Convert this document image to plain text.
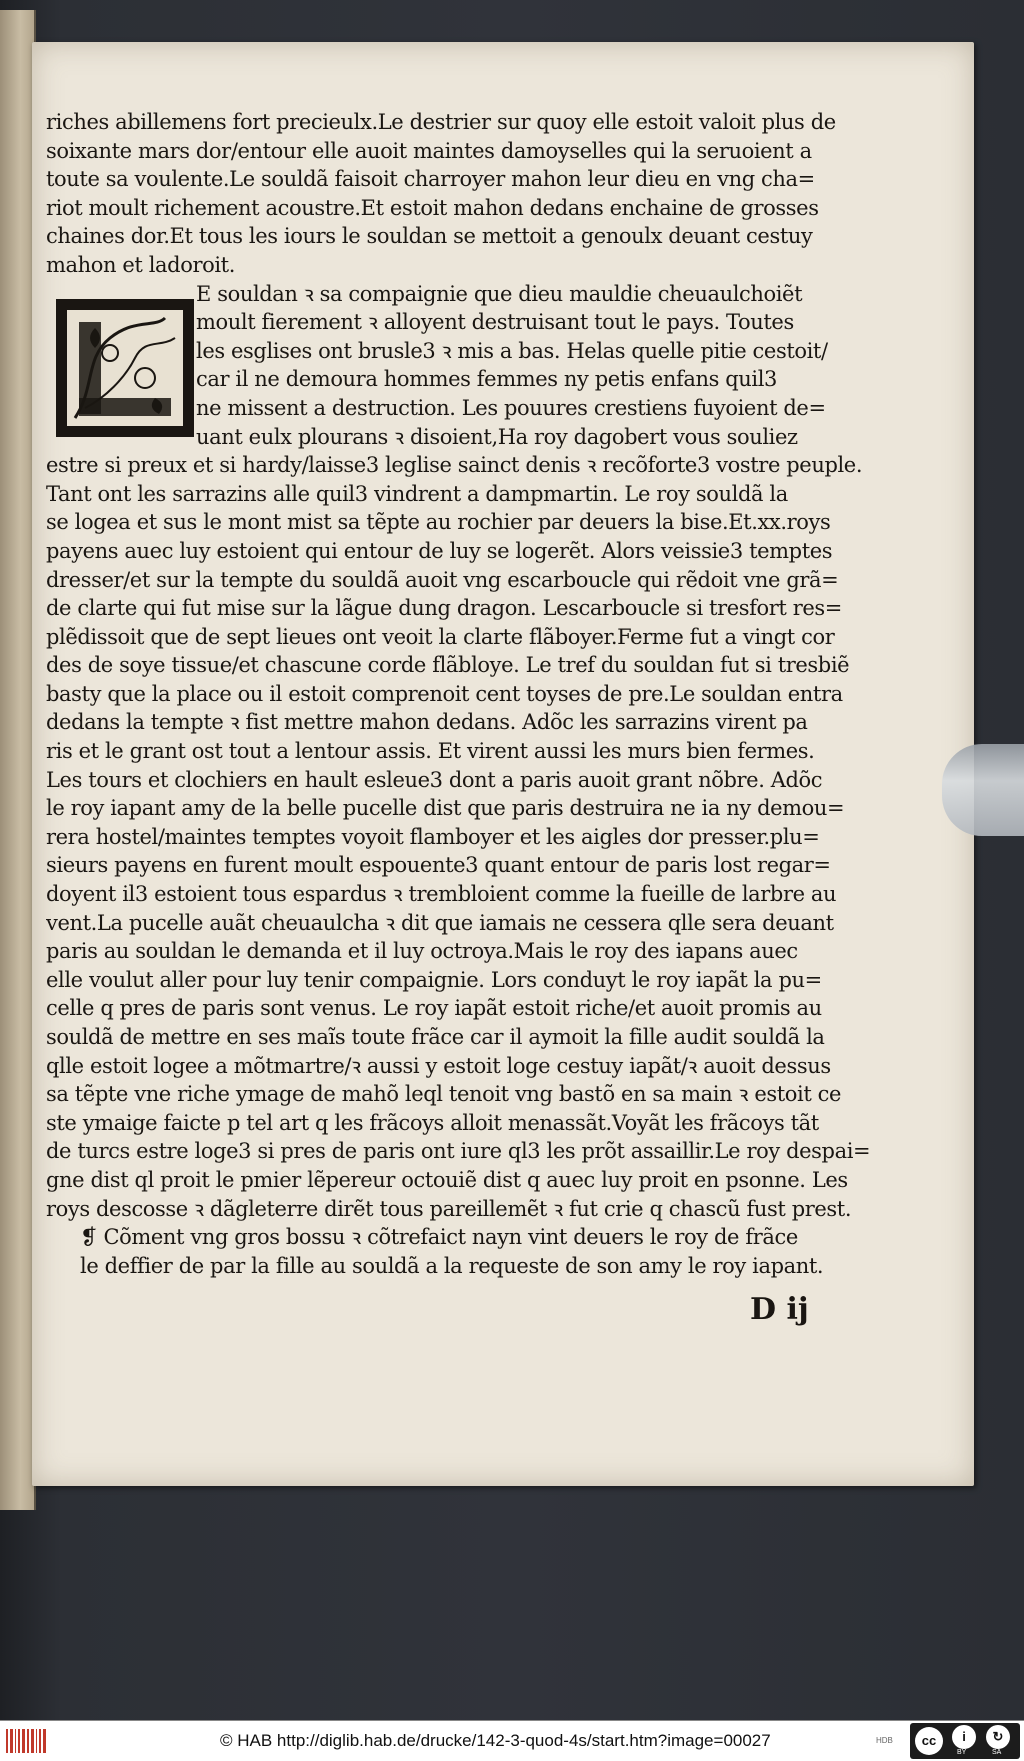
riches abillemens fort precieulx.Le destrier sur quoy elle estoit valoit plus de
soixante mars dor/entour elle auoit maintes damoyselles qui la seruoient a
toute sa voulente.Le souldã faisoit charroyer mahon leur dieu en vng cha=
riot moult richement acoustre.Et estoit mahon dedans enchaine de grosses
chaines dor.Et tous les iours le souldan se mettoit a genoulx deuant cestuy
mahon et ladoroit.
E souldan ꝛ sa compaignie que dieu mauldie cheuaulchoiẽt
moult fierement ꝛ alloyent destruisant tout le pays. Toutes
les esglises ont brusle3 ꝛ mis a bas. Helas quelle pitie cestoit/
car il ne demoura hommes femmes ny petis enfans quil3
ne missent a destruction. Les pouures crestiens fuyoient de=
uant eulx plourans ꝛ disoient,Ha roy dagobert vous souliez
estre si preux et si hardy/laisse3 leglise sainct denis ꝛ recõforte3 vostre peuple.
Tant ont les sarrazins alle quil3 vindrent a dampmartin. Le roy souldã la
se logea et sus le mont mist sa tẽpte au rochier par deuers la bise.Et.xx.roys
payens auec luy estoient qui entour de luy se logerẽt. Alors veissie3 temptes
dresser/et sur la tempte du souldã auoit vng escarboucle qui rẽdoit vne grã=
de clarte qui fut mise sur la lãgue dung dragon. Lescarboucle si tresfort res=
plẽdissoit que de sept lieues ont veoit la clarte flãboyer.Ferme fut a vingt cor
des de soye tissue/et chascune corde flãbloye. Le tref du souldan fut si tresbiẽ
basty que la place ou il estoit comprenoit cent toyses de pre.Le souldan entra
dedans la tempte ꝛ fist mettre mahon dedans. Adõc les sarrazins virent pa
ris et le grant ost tout a lentour assis. Et virent aussi les murs bien fermes.
Les tours et clochiers en hault esleue3 dont a paris auoit grant nõbre. Adõc
le roy iapant amy de la belle pucelle dist que paris destruira ne ia ny demou=
rera hostel/maintes temptes voyoit flamboyer et les aigles dor presser.plu=
sieurs payens en furent moult espouente3 quant entour de paris lost regar=
doyent il3 estoient tous espardus ꝛ trembloient comme la fueille de larbre au
vent.La pucelle auãt cheuaulcha ꝛ dit que iamais ne cessera qlle sera deuant
paris au souldan le demanda et il luy octroya.Mais le roy des iapans auec
elle voulut aller pour luy tenir compaignie. Lors conduyt le roy iapãt la pu=
celle q pres de paris sont venus. Le roy iapãt estoit riche/et auoit promis au
souldã de mettre en ses maĩs toute frãce car il aymoit la fille audit souldã la
qlle estoit logee a mõtmartre/ꝛ aussi y estoit loge cestuy iapãt/ꝛ auoit dessus
sa tẽpte vne riche ymage de mahõ leql tenoit vng bastõ en sa main ꝛ estoit ce
ste ymaige faicte p tel art q les frãcoys alloit menassãt.Voyãt les frãcoys tãt
de turcs estre loge3 si pres de paris ont iure ql3 les prõt assaillir.Le roy despai=
gne dist ql proit le pmier lẽpereur octouiẽ dist q auec luy proit en psonne. Les
roys descosse ꝛ dãgleterre dirẽt tous pareillemẽt ꝛ fut crie q chascũ fust prest.
❡ Cõment vng gros bossu ꝛ cõtrefaict nayn vint deuers le roy de frãce
le deffier de par la fille au souldã a la requeste de son amy le roy iapant.
D ij
© HAB http://diglib.hab.de/drucke/142-3-quod-4s/start.htm?image=00027	HDB	cc	i
BY
↻
SA
